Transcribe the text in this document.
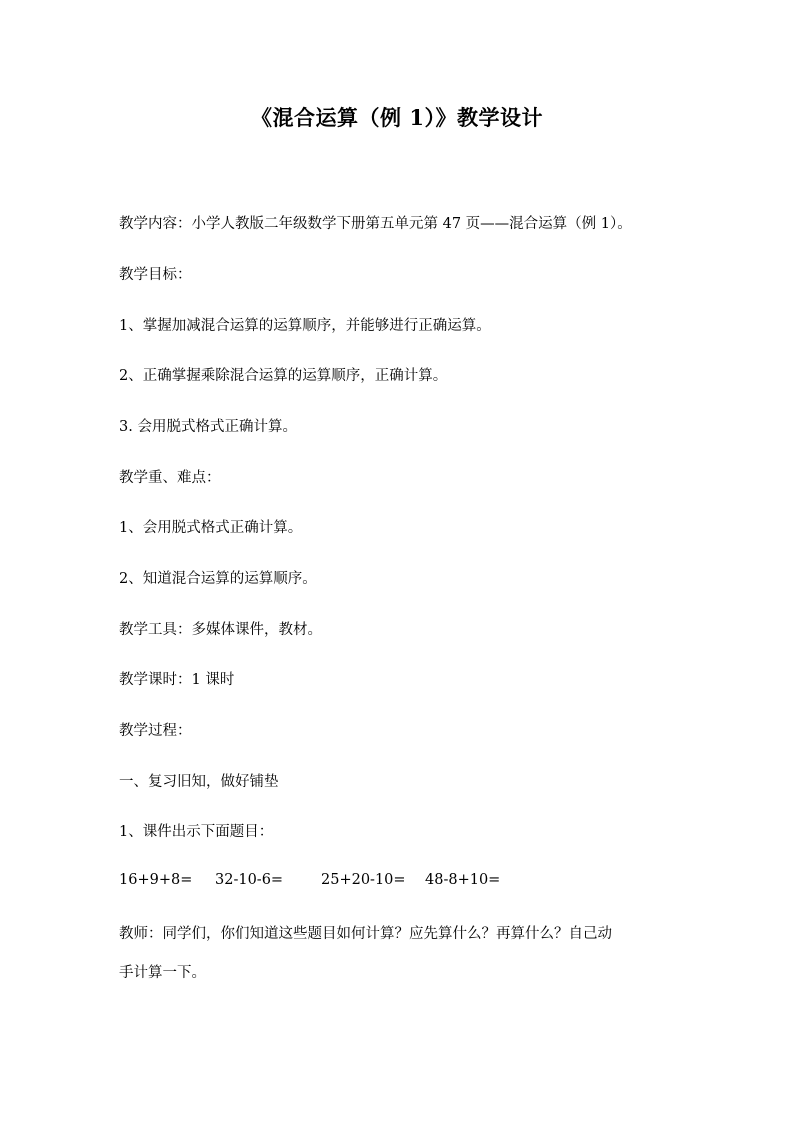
《混合运算（例 1）》教学设计
教学内容：小学人教版二年级数学下册第五单元第 47 页——混合运算（例 1）。
教学目标：
1、掌握加减混合运算的运算顺序，并能够进行正确运算。
2、正确掌握乘除混合运算的运算顺序，正确计算。
3. 会用脱式格式正确计算。
教学重、难点：
1、会用脱式格式正确计算。
2、知道混合运算的运算顺序。
教学工具：多媒体课件，教材。
教学课时：1 课时
教学过程：
一、复习旧知，做好铺垫
1、课件出示下面题目：
16+9+8=	32-10-6=	25+20-10=	48-8+10=
教师：同学们，你们知道这些题目如何计算？应先算什么？再算什么？自己动
手计算一下。
